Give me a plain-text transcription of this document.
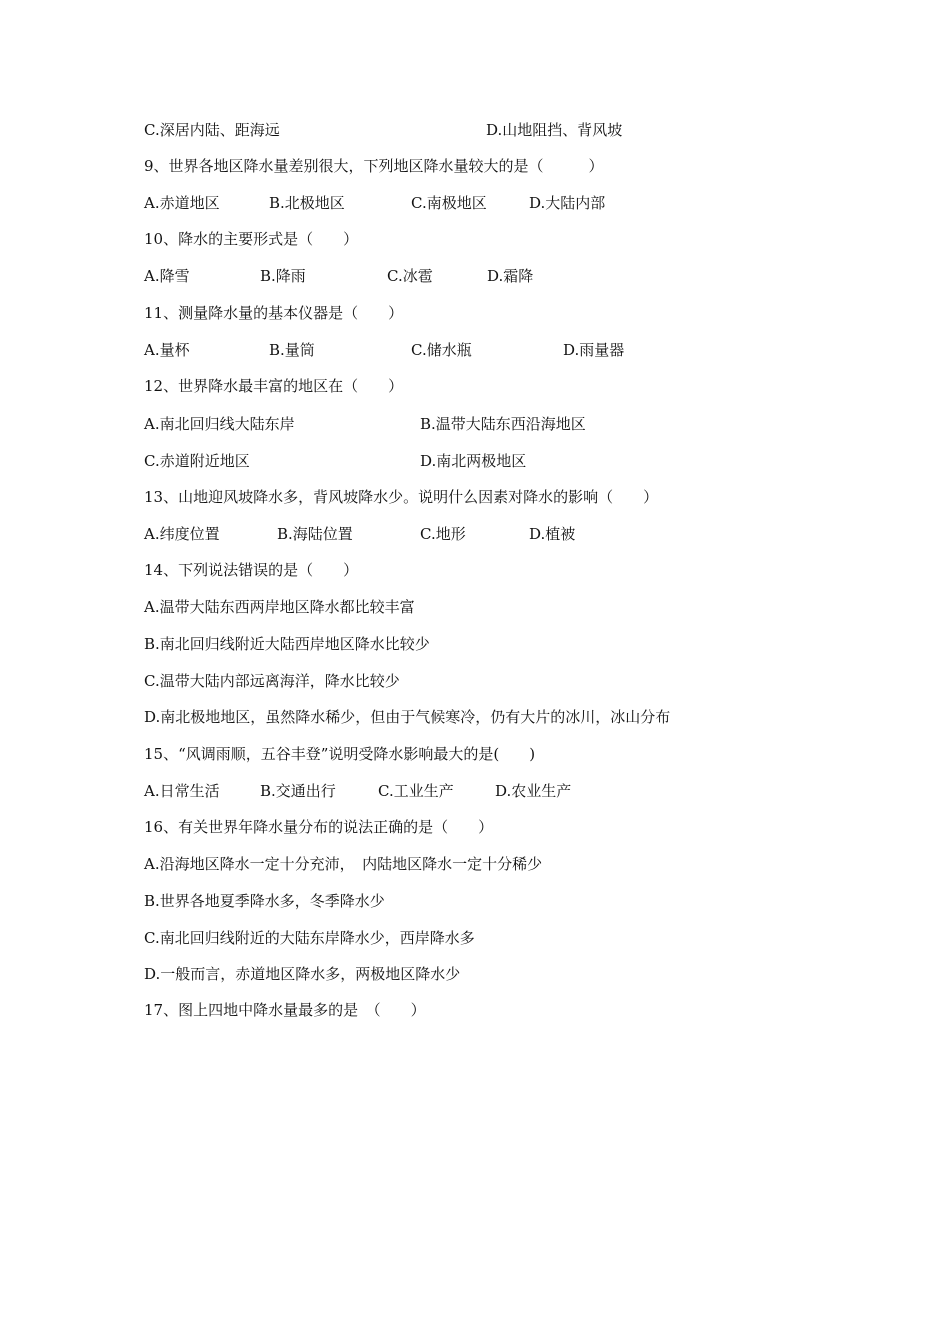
C.深居内陆、距海远	D.山地阻挡、背风坡
9、世界各地区降水量差别很大，下列地区降水量较大的是（　　　）
A.赤道地区	B.北极地区	C.南极地区	D.大陆内部
10、降水的主要形式是（　　）
A.降雪	B.降雨	C.冰雹	D.霜降
11、测量降水量的基本仪器是（　　）
A.量杯	B.量筒	C.储水瓶	D.雨量器
12、世界降水最丰富的地区在（　　）
A.南北回归线大陆东岸	B.温带大陆东西沿海地区
C.赤道附近地区	D.南北两极地区
13、山地迎风坡降水多，背风坡降水少。说明什么因素对降水的影响（　　）
A.纬度位置	B.海陆位置	C.地形	D.植被
14、下列说法错误的是（　　）
A.温带大陆东西两岸地区降水都比较丰富
B.南北回归线附近大陆西岸地区降水比较少
C.温带大陆内部远离海洋，降水比较少
D.南北极地地区，虽然降水稀少，但由于气候寒冷，仍有大片的冰川，冰山分布
15、“风调雨顺，五谷丰登”说明受降水影响最大的是(　　)
A.日常生活	B.交通出行	C.工业生产	D.农业生产
16、有关世界年降水量分布的说法正确的是（　　）
A.沿海地区降水一定十分充沛，　内陆地区降水一定十分稀少
B.世界各地夏季降水多，冬季降水少
C.南北回归线附近的大陆东岸降水少，西岸降水多
D.一般而言，赤道地区降水多，两极地区降水少
17、图上四地中降水量最多的是　（　　）
